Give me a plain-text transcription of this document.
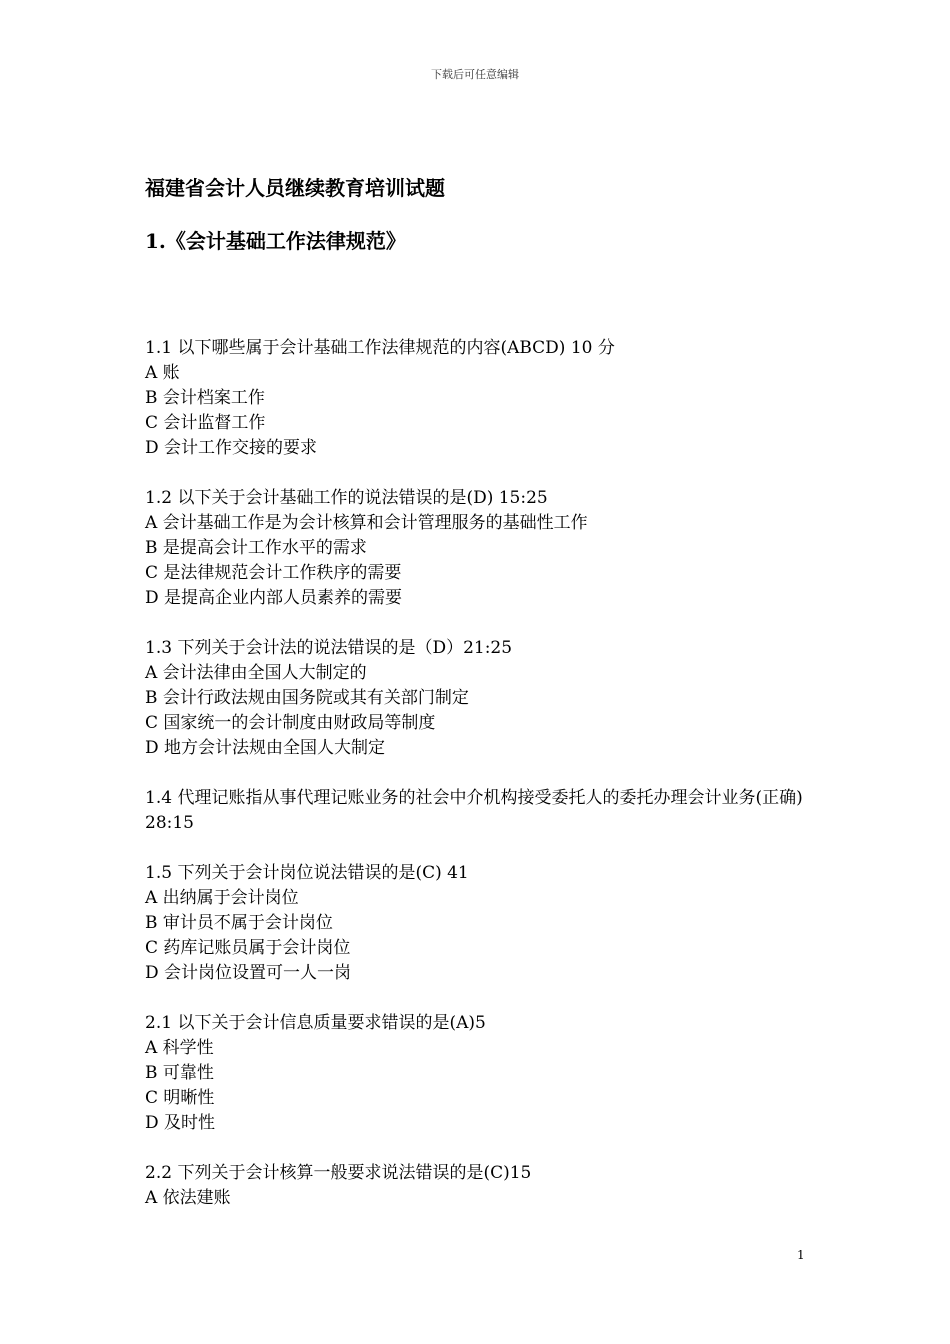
下载后可任意编辑
福建省会计人员继续教育培训试题
1.《会计基础工作法律规范》

1.1 以下哪些属于会计基础工作法律规范的内容(ABCD) 10 分

A 账

B 会计档案工作

C 会计监督工作

D 会计工作交接的要求

1.2 以下关于会计基础工作的说法错误的是(D) 15:25

A 会计基础工作是为会计核算和会计管理服务的基础性工作

B 是提高会计工作水平的需求

C 是法律规范会计工作秩序的需要

D 是提高企业内部人员素养的需要

1.3 下列关于会计法的说法错误的是（D）21:25

A 会计法律由全国人大制定的

B 会计行政法规由国务院或其有关部门制定

C 国家统一的会计制度由财政局等制度

D 地方会计法规由全国人大制定

1.4 代理记账指从事代理记账业务的社会中介机构接受委托人的委托办理会计业务(正确) 28:15

1.5 下列关于会计岗位说法错误的是(C) 41

A 出纳属于会计岗位

B 审计员不属于会计岗位

C 药库记账员属于会计岗位

D 会计岗位设置可一人一岗

2.1 以下关于会计信息质量要求错误的是(A)5

A 科学性

B 可靠性

C 明晰性

D 及时性

2.2 下列关于会计核算一般要求说法错误的是(C)15

A 依法建账

1
